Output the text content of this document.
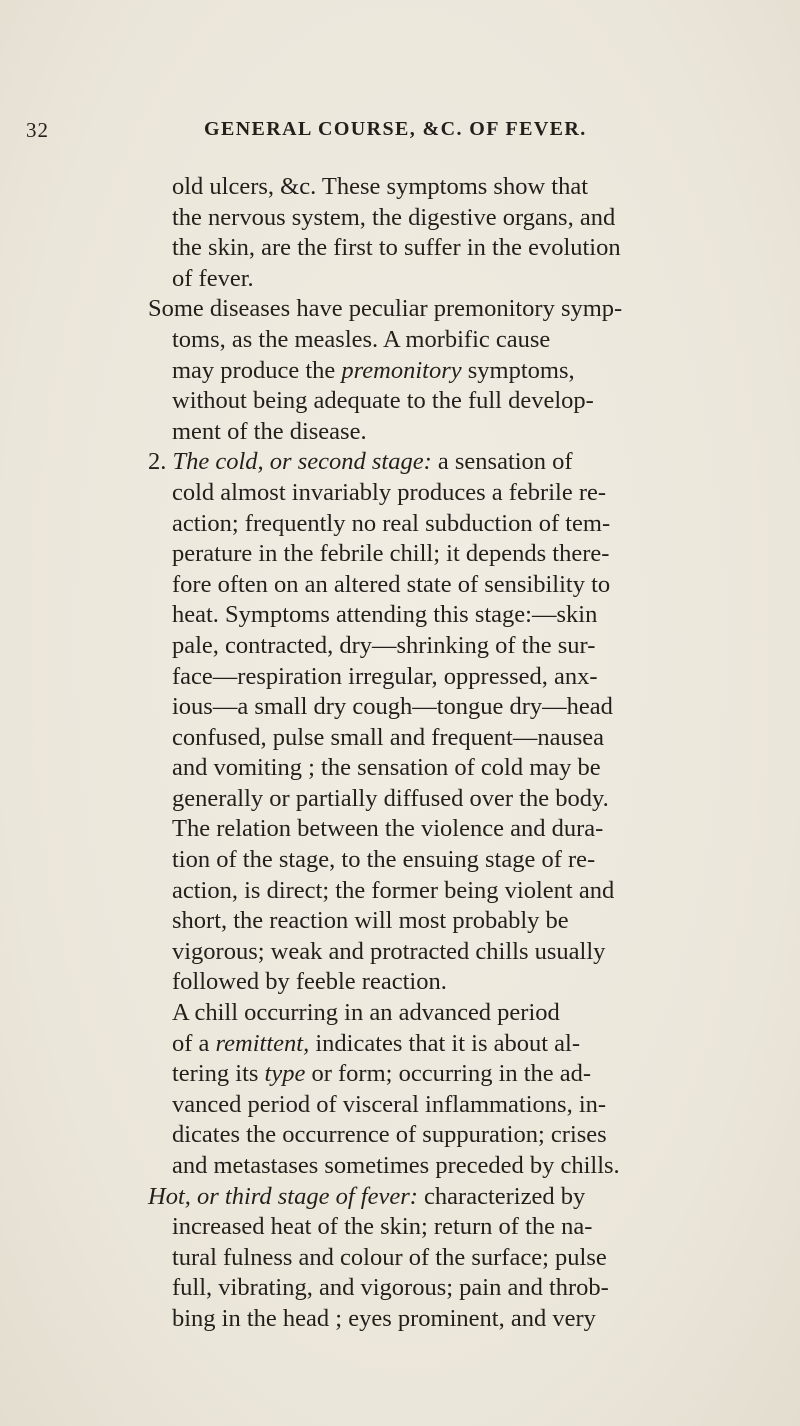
32	GENERAL COURSE, &C. OF FEVER.
old ulcers, &c. These symptoms show that
the nervous system, the digestive organs, and
the skin, are the first to suffer in the evolution
of fever.
Some diseases have peculiar premonitory symp-
toms, as the measles. A morbific cause
may produce the premonitory symptoms,
without being adequate to the full develop-
ment of the disease.
2. The cold, or second stage: a sensation of
cold almost invariably produces a febrile re-
action; frequently no real subduction of tem-
perature in the febrile chill; it depends there-
fore often on an altered state of sensibility to
heat. Symptoms attending this stage:—skin
pale, contracted, dry—shrinking of the sur-
face—respiration irregular, oppressed, anx-
ious—a small dry cough—tongue dry—head
confused, pulse small and frequent—nausea
and vomiting ; the sensation of cold may be
generally or partially diffused over the body.
The relation between the violence and dura-
tion of the stage, to the ensuing stage of re-
action, is direct; the former being violent and
short, the reaction will most probably be
vigorous; weak and protracted chills usually
followed by feeble reaction.
A chill occurring in an advanced period
of a remittent, indicates that it is about al-
tering its type or form; occurring in the ad-
vanced period of visceral inflammations, in-
dicates the occurrence of suppuration; crises
and metastases sometimes preceded by chills.
Hot, or third stage of fever: characterized by
increased heat of the skin; return of the na-
tural fulness and colour of the surface; pulse
full, vibrating, and vigorous; pain and throb-
bing in the head ; eyes prominent, and very
